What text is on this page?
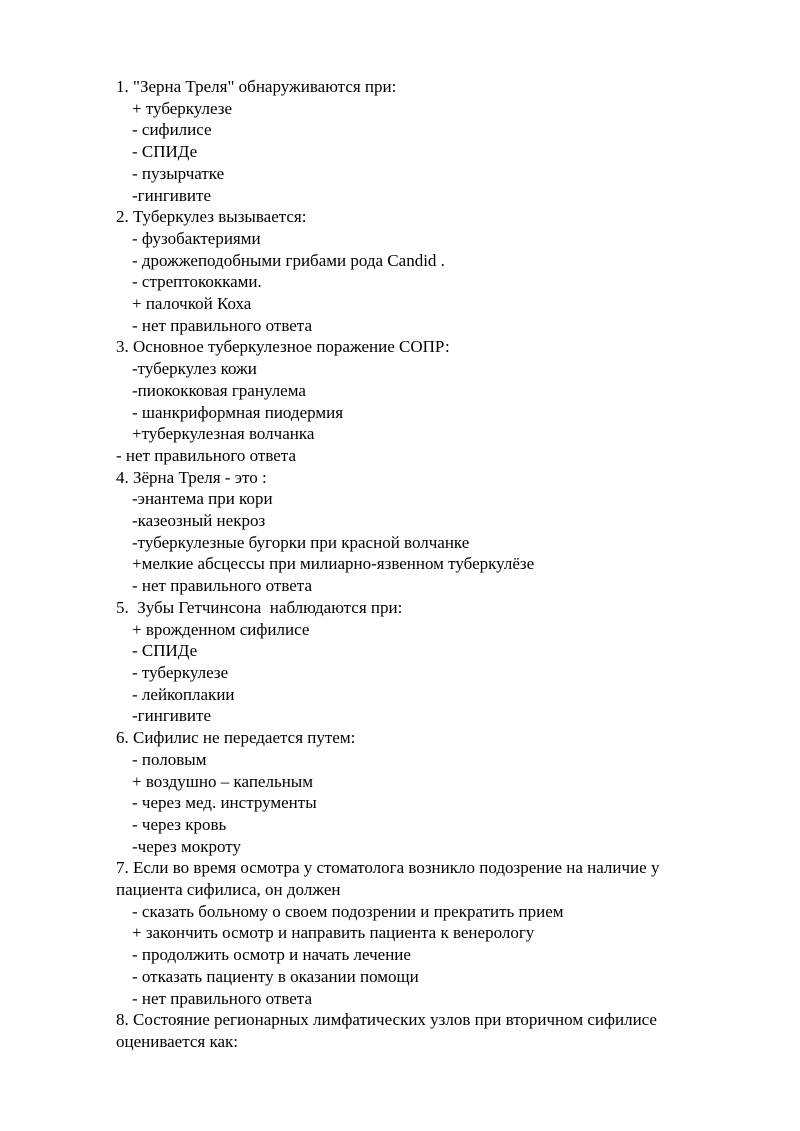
1. "Зерна Треля" обнаруживаются при:
+ туберкулезе
- сифилисе
- СПИДе
- пузырчатке
-гингивите
2. Туберкулез вызывается:
- фузобактериями
- дрожжеподобными грибами рода Candid .
- стрептококками.
+ палочкой Коха
- нет правильного ответа
3. Основное туберкулезное поражение СОПР:
-туберкулез кожи
-пиококковая гранулема
- шанкриформная пиодермия
+туберкулезная волчанка
- нет правильного ответа
4. Зёрна Треля - это :
-энантема при кори
-казеозный некроз
-туберкулезные бугорки при красной волчанке
+мелкие абсцессы при милиарно-язвенном туберкулёзе
- нет правильного ответа
5.  Зубы Гетчинсона  наблюдаются при:
+ врожденном сифилисе
- СПИДе
- туберкулезе
- лейкоплакии
-гингивите
6. Сифилис не передается путем:
- половым
+ воздушно – капельным
- через мед. инструменты
- через кровь
-через мокроту
7. Если во время осмотра у стоматолога возникло подозрение на наличие у
пациента сифилиса, он должен
- сказать больному о своем подозрении и прекратить прием
+ закончить осмотр и направить пациента к венерологу
- продолжить осмотр и начать лечение
- отказать пациенту в оказании помощи
- нет правильного ответа
8. Состояние регионарных лимфатических узлов при вторичном сифилисе
оценивается как:
